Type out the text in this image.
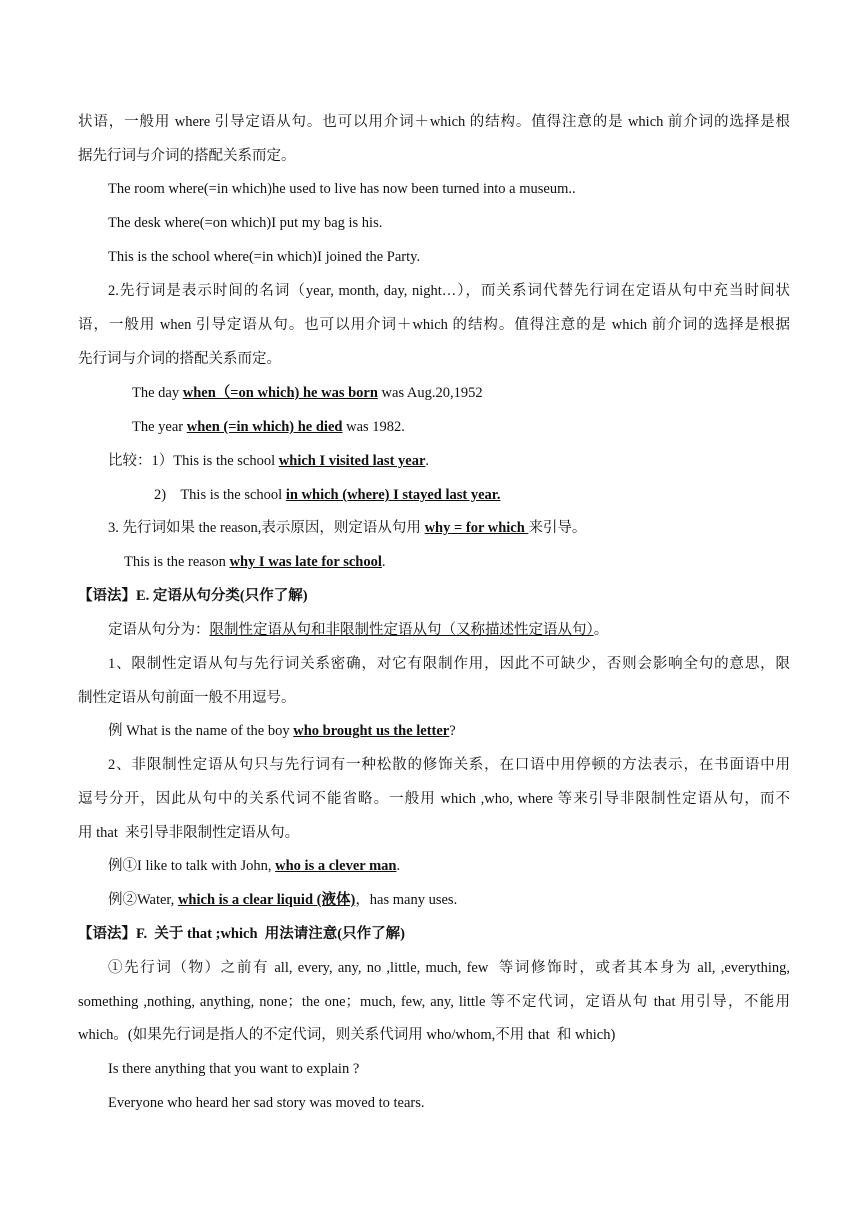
状语，一般用 where 引导定语从句。也可以用介词＋which 的结构。值得注意的是 which 前介词的选择是根
据先行词与介词的搭配关系而定。
The room where(=in which)he used to live has now been turned into a museum..
The desk where(=on which)I put my bag is his.
This is the school where(=in which)I joined the Party.
2.先行词是表示时间的名词（year, month, day, night…），而关系词代替先行词在定语从句中充当时间状
语，一般用 when 引导定语从句。也可以用介词＋which 的结构。值得注意的是 which 前介词的选择是根据
先行词与介词的搭配关系而定。
The day when（=on which) he was born was Aug.20,1952
The year when (=in which) he died was 1982.
比较：1）This is the school which I visited last year.
2)    This is the school in which (where) I stayed last year.
3. 先行词如果 the reason,表示原因，则定语从句用 why = for which 来引导。
This is the reason why I was late for school.
【语法】E. 定语从句分类(只作了解)
定语从句分为：限制性定语从句和非限制性定语从句（又称描述性定语从句）。
1、限制性定语从句与先行词关系密确，对它有限制作用，因此不可缺少，否则会影响全句的意思，限
制性定语从句前面一般不用逗号。
例 What is the name of the boy who brought us the letter?
2、非限制性定语从句只与先行词有一种松散的修饰关系，在口语中用停顿的方法表示，在书面语中用
逗号分开，因此从句中的关系代词不能省略。一般用 which ,who, where 等来引导非限制性定语从句，而不
用 that  来引导非限制性定语从句。
例①I like to talk with John, who is a clever man.
例②Water, which is a clear liquid (液体)，has many uses.
【语法】F.  关于 that ;which  用法请注意(只作了解)
①先行词（物）之前有 all, every, any, no ,little, much, few  等词修饰时，或者其本身为 all, ,everything,
something ,nothing, anything, none；the one；much, few, any, little 等不定代词，定语从句 that 用引导，不能用
which。(如果先行词是指人的不定代词，则关系代词用 who/whom,不用 that  和 which)
Is there anything that you want to explain ?
Everyone who heard her sad story was moved to tears.
